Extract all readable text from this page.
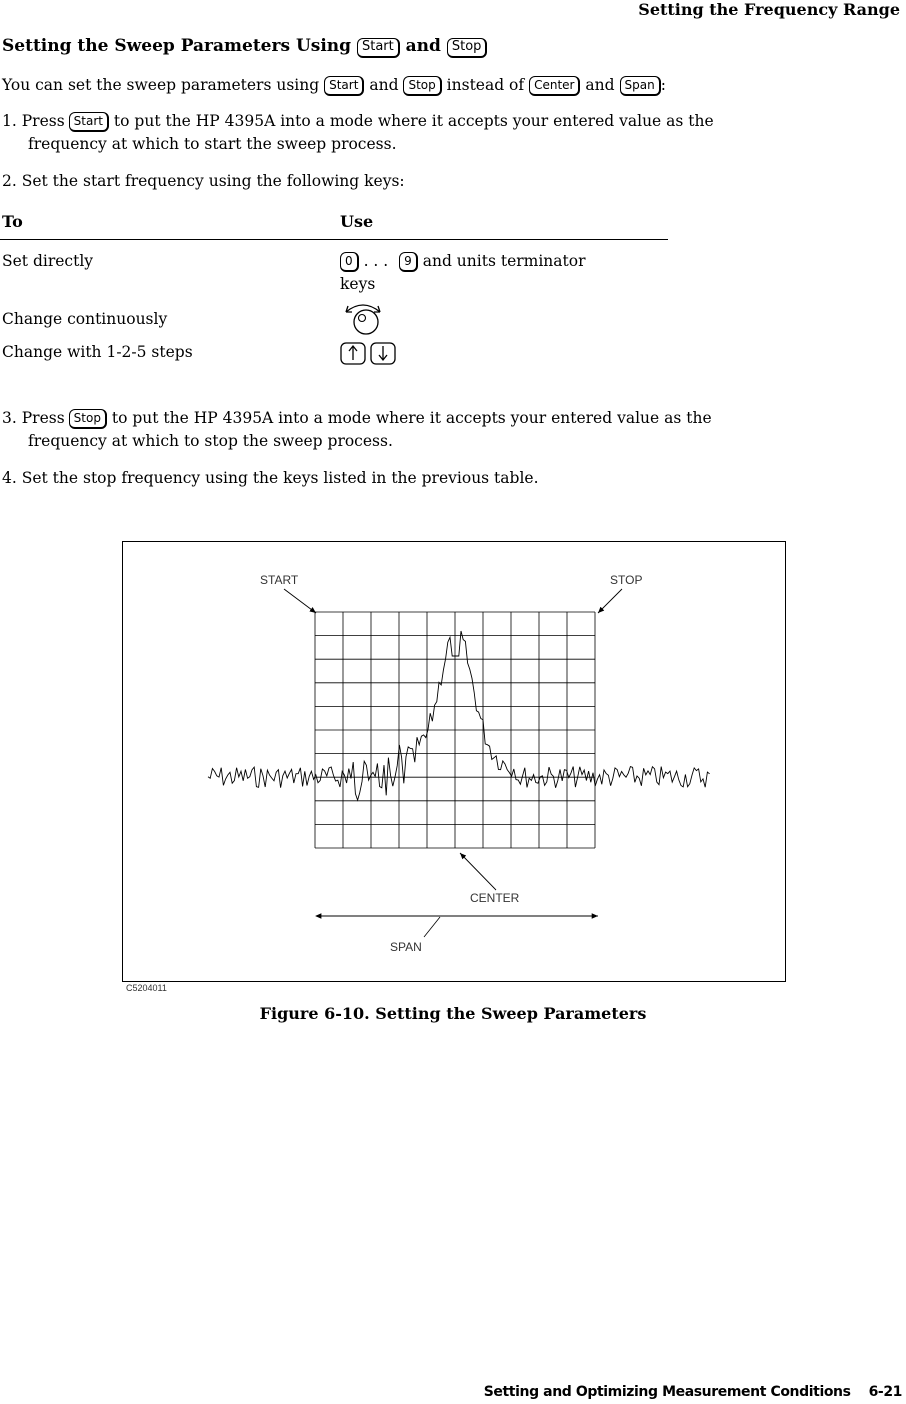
Setting the Frequency Range
Setting the Sweep Parameters Using Start and Stop
You can set the sweep parameters using Start and Stop instead of Center and Span :
1. Press Start to put the HP 4395A into a mode where it accepts your entered value as the
frequency at which to start the sweep process.
2. Set the start frequency using the following keys:
To	Use
Set directly	0 . . . 9 and units terminator
keys
Change continuously
Change with 1-2-5 steps
3. Press Stop to put the HP 4395A into a mode where it accepts your entered value as the
frequency at which to stop the sweep process.
4. Set the stop frequency using the keys listed in the previous table.
START	STOP
CENTER
SPAN
C5204011
Figure 6-10. Setting the Sweep Parameters
Setting and Optimizing Measurement Conditions 6-21
